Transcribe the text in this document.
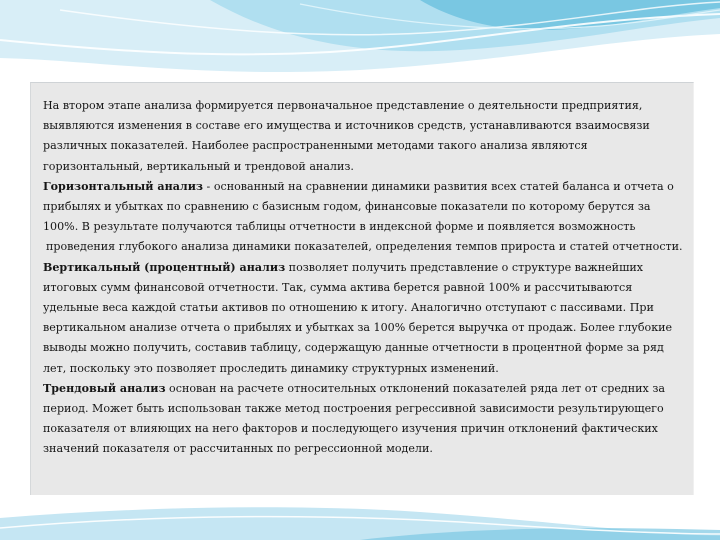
На втором этапе анализа формируется первоначальное представление о деятельности предприятия,

выявляются изменения в составе его имущества и источников средств, устанавливаются взаимосвязи

различных показателей. Наиболее распространенными методами такого анализа являются

горизонтальный, вертикальный и трендовой анализ.

Горизонтальный анализ - основанный на сравнении динамики развития всех статей баланса и отчета о

прибылях и убытках по сравнению с базисным годом, финансовые показатели по которому берутся за

100%. В результате получаются таблицы отчетности в индексной форме и появляется возможность

проведения глубокого анализа динамики показателей, определения темпов прироста и статей отчетности.

Вертикальный (процентный) анализ позволяет получить представление о структуре важнейших

итоговых сумм финансовой отчетности. Так, сумма актива берется равной 100% и рассчитываются

удельные веса каждой статьи активов по отношению к итогу. Аналогично отступают с пассивами. При

вертикальном анализе отчета о прибылях и убытках за 100% берется выручка от продаж. Более глубокие

выводы можно получить, составив таблицу, содержащую данные отчетности в процентной форме за ряд

лет, поскольку это позволяет проследить динамику структурных изменений.

Трендовый анализ основан на расчете относительных отклонений показателей ряда лет от средних за

период. Может быть использован также метод построения регрессивной зависимости результирующего

показателя от влияющих на него факторов и последующего изучения причин отклонений фактических

значений показателя от рассчитанных по регрессионной модели.
